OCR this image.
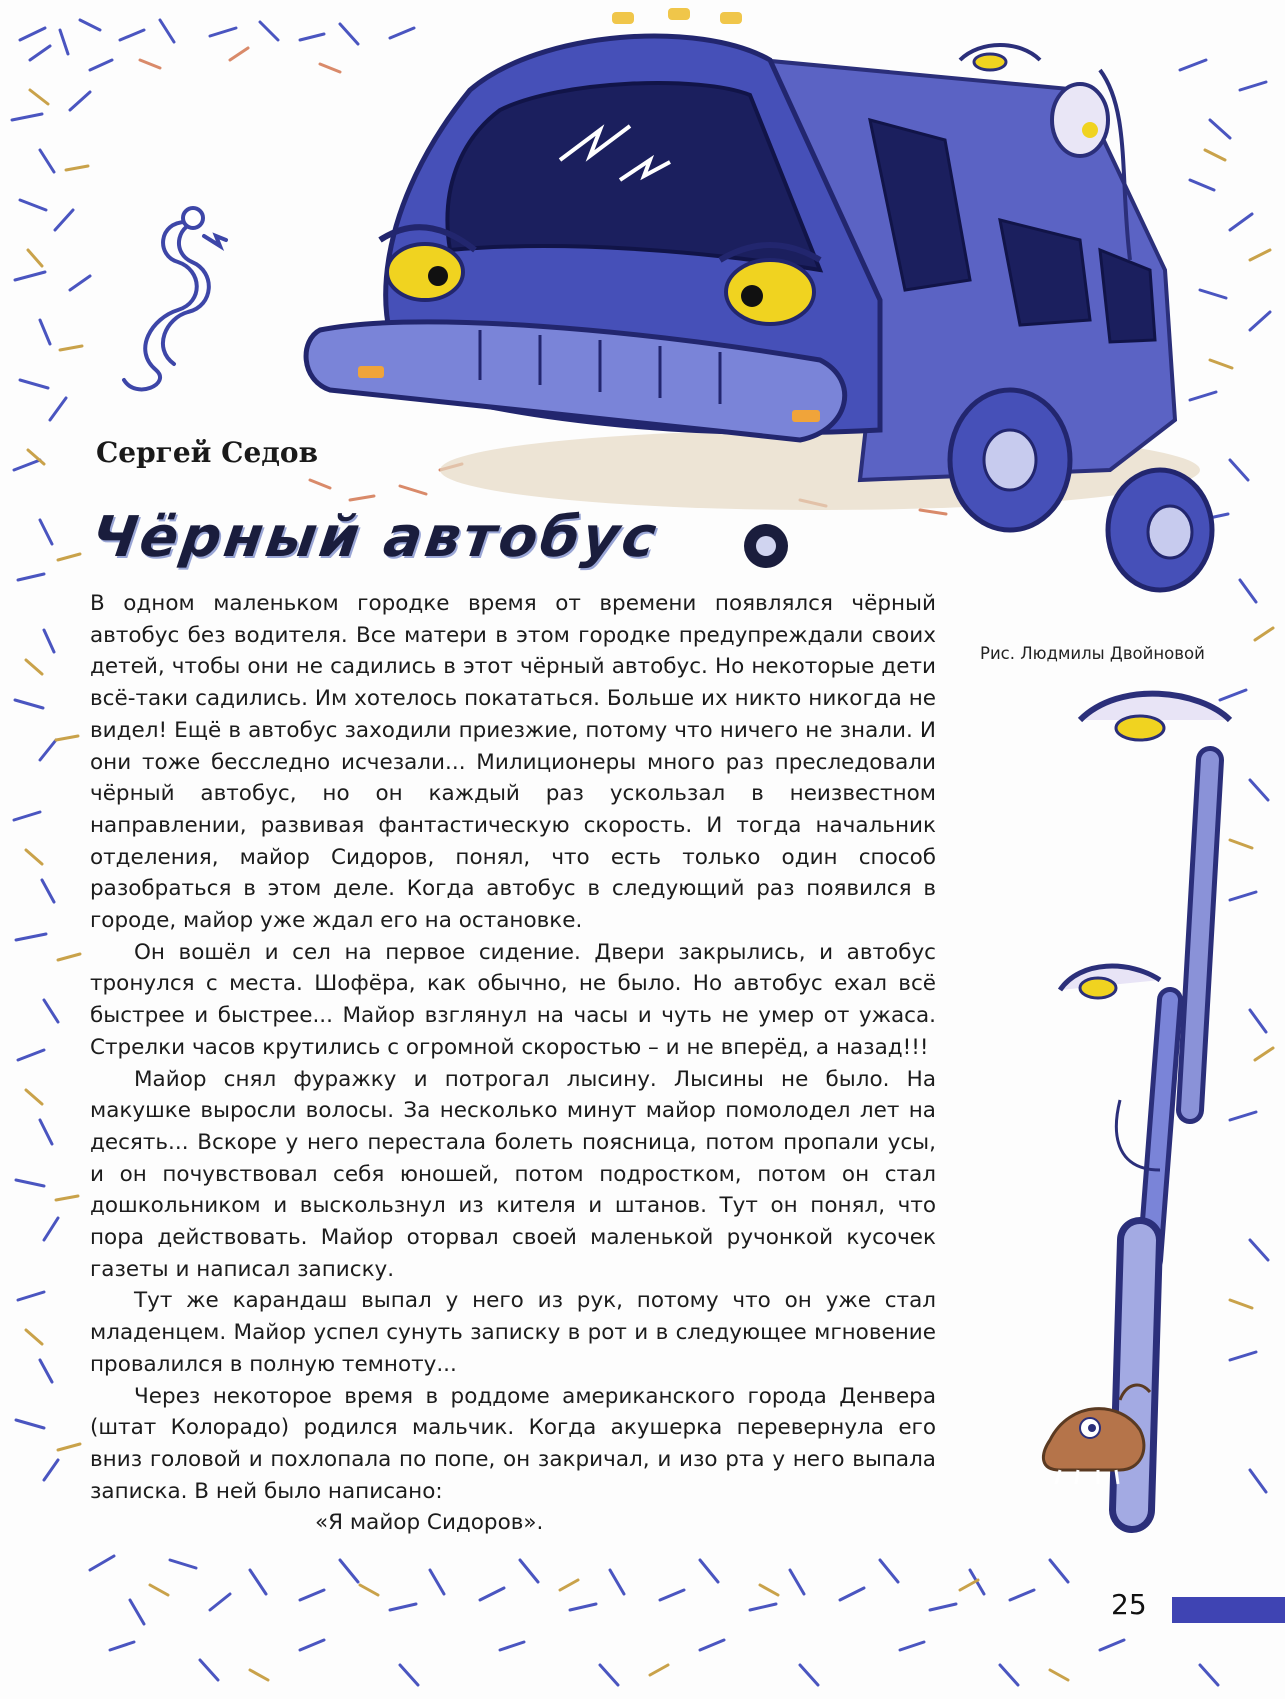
Сергей Седов
Чёрный автобус

Рис. Людмилы Двойновой

В одном маленьком городке время от времени появлялся чёрный автобус без водителя. Все матери в этом городке предупреждали своих детей, чтобы они не садились в этот чёрный автобус. Но некоторые дети всё-таки садились. Им хотелось покататься. Больше их никто никогда не видел! Ещё в автобус заходили приезжие, потому что ничего не знали. И они тоже бесследно исчезали... Милиционеры много раз преследовали чёрный автобус, но он каждый раз ускользал в неизвестном направлении, развивая фантастическую скорость. И тогда начальник отделения, майор Сидоров, понял, что есть только один способ разобраться в этом деле. Когда автобус в следующий раз появился в городе, майор уже ждал его на остановке.

Он вошёл и сел на первое сидение. Двери закрылись, и автобус тронулся с места. Шофёра, как обычно, не было. Но автобус ехал всё быстрее и быстрее... Майор взглянул на часы и чуть не умер от ужаса. Стрелки часов крутились с огромной скоростью – и не вперёд, а назад!!!

Майор снял фуражку и потрогал лысину. Лысины не было. На макушке выросли волосы. За несколько минут майор помолодел лет на десять... Вскоре у него перестала болеть поясница, потом пропали усы, и он почувствовал себя юношей, потом подростком, потом он стал дошкольником и выскользнул из кителя и штанов. Тут он понял, что пора действовать. Майор оторвал своей маленькой ручонкой кусочек газеты и написал записку.

Тут же карандаш выпал у него из рук, потому что он уже стал младенцем. Майор успел сунуть записку в рот и в следующее мгновение провалился в полную темноту...

Через некоторое время в роддоме американского города Денвера (штат Колорадо) родился мальчик. Когда акушерка перевернула его вниз головой и похлопала по попе, он закричал, и изо рта у него выпала записка. В ней было написано:

«Я майор Сидоров».

25
